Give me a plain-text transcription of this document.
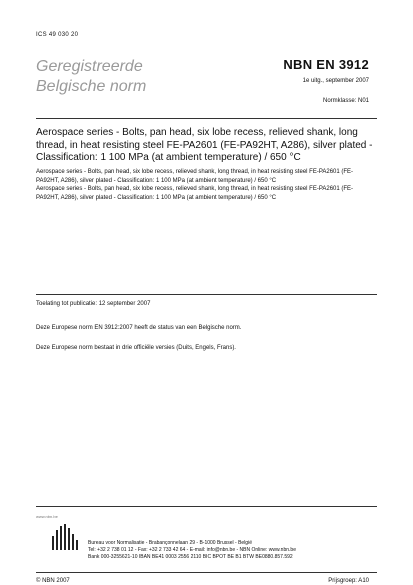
ICS 49 030 20
Geregistreerde
Belgische norm
NBN EN 3912
1e uitg., september 2007
Normklasse: N01
Aerospace series - Bolts, pan head, six lobe recess, relieved shank, long thread, in heat resisting steel FE-PA2601 (FE-PA92HT, A286), silver plated - Classification: 1 100 MPa (at ambient temperature) / 650 °C
Aerospace series - Bolts, pan head, six lobe recess, relieved shank, long thread, in heat resisting steel FE-PA2601 (FE-PA92HT, A286), silver plated - Classification: 1 100 MPa (at ambient temperature) / 650 °C
Aerospace series - Bolts, pan head, six lobe recess, relieved shank, long thread, in heat resisting steel FE-PA2601 (FE-PA92HT, A286), silver plated - Classification: 1 100 MPa (at ambient temperature) / 650 °C
Toelating tot publicatie: 12 september 2007
Deze Europese norm EN 3912:2007 heeft de status van een Belgische norm.
Deze Europese norm bestaat in drie officiële versies (Duits, Engels, Frans).
www.nbn.be
Bureau voor Normalisatie - Brabançonnelaan 29 - B-1000 Brussel - België
Tel: +32 2 738 01 12 - Fax: +32 2 733 42 64 - E-mail: info@nbn.be - NBN Online: www.nbn.be
Bank 000-3255621-10 IBAN BE41 0003 2556 2110 BIC BPOT BE B1 BTW BE0880.857.592
© NBN 2007	Prijsgroep: A10
